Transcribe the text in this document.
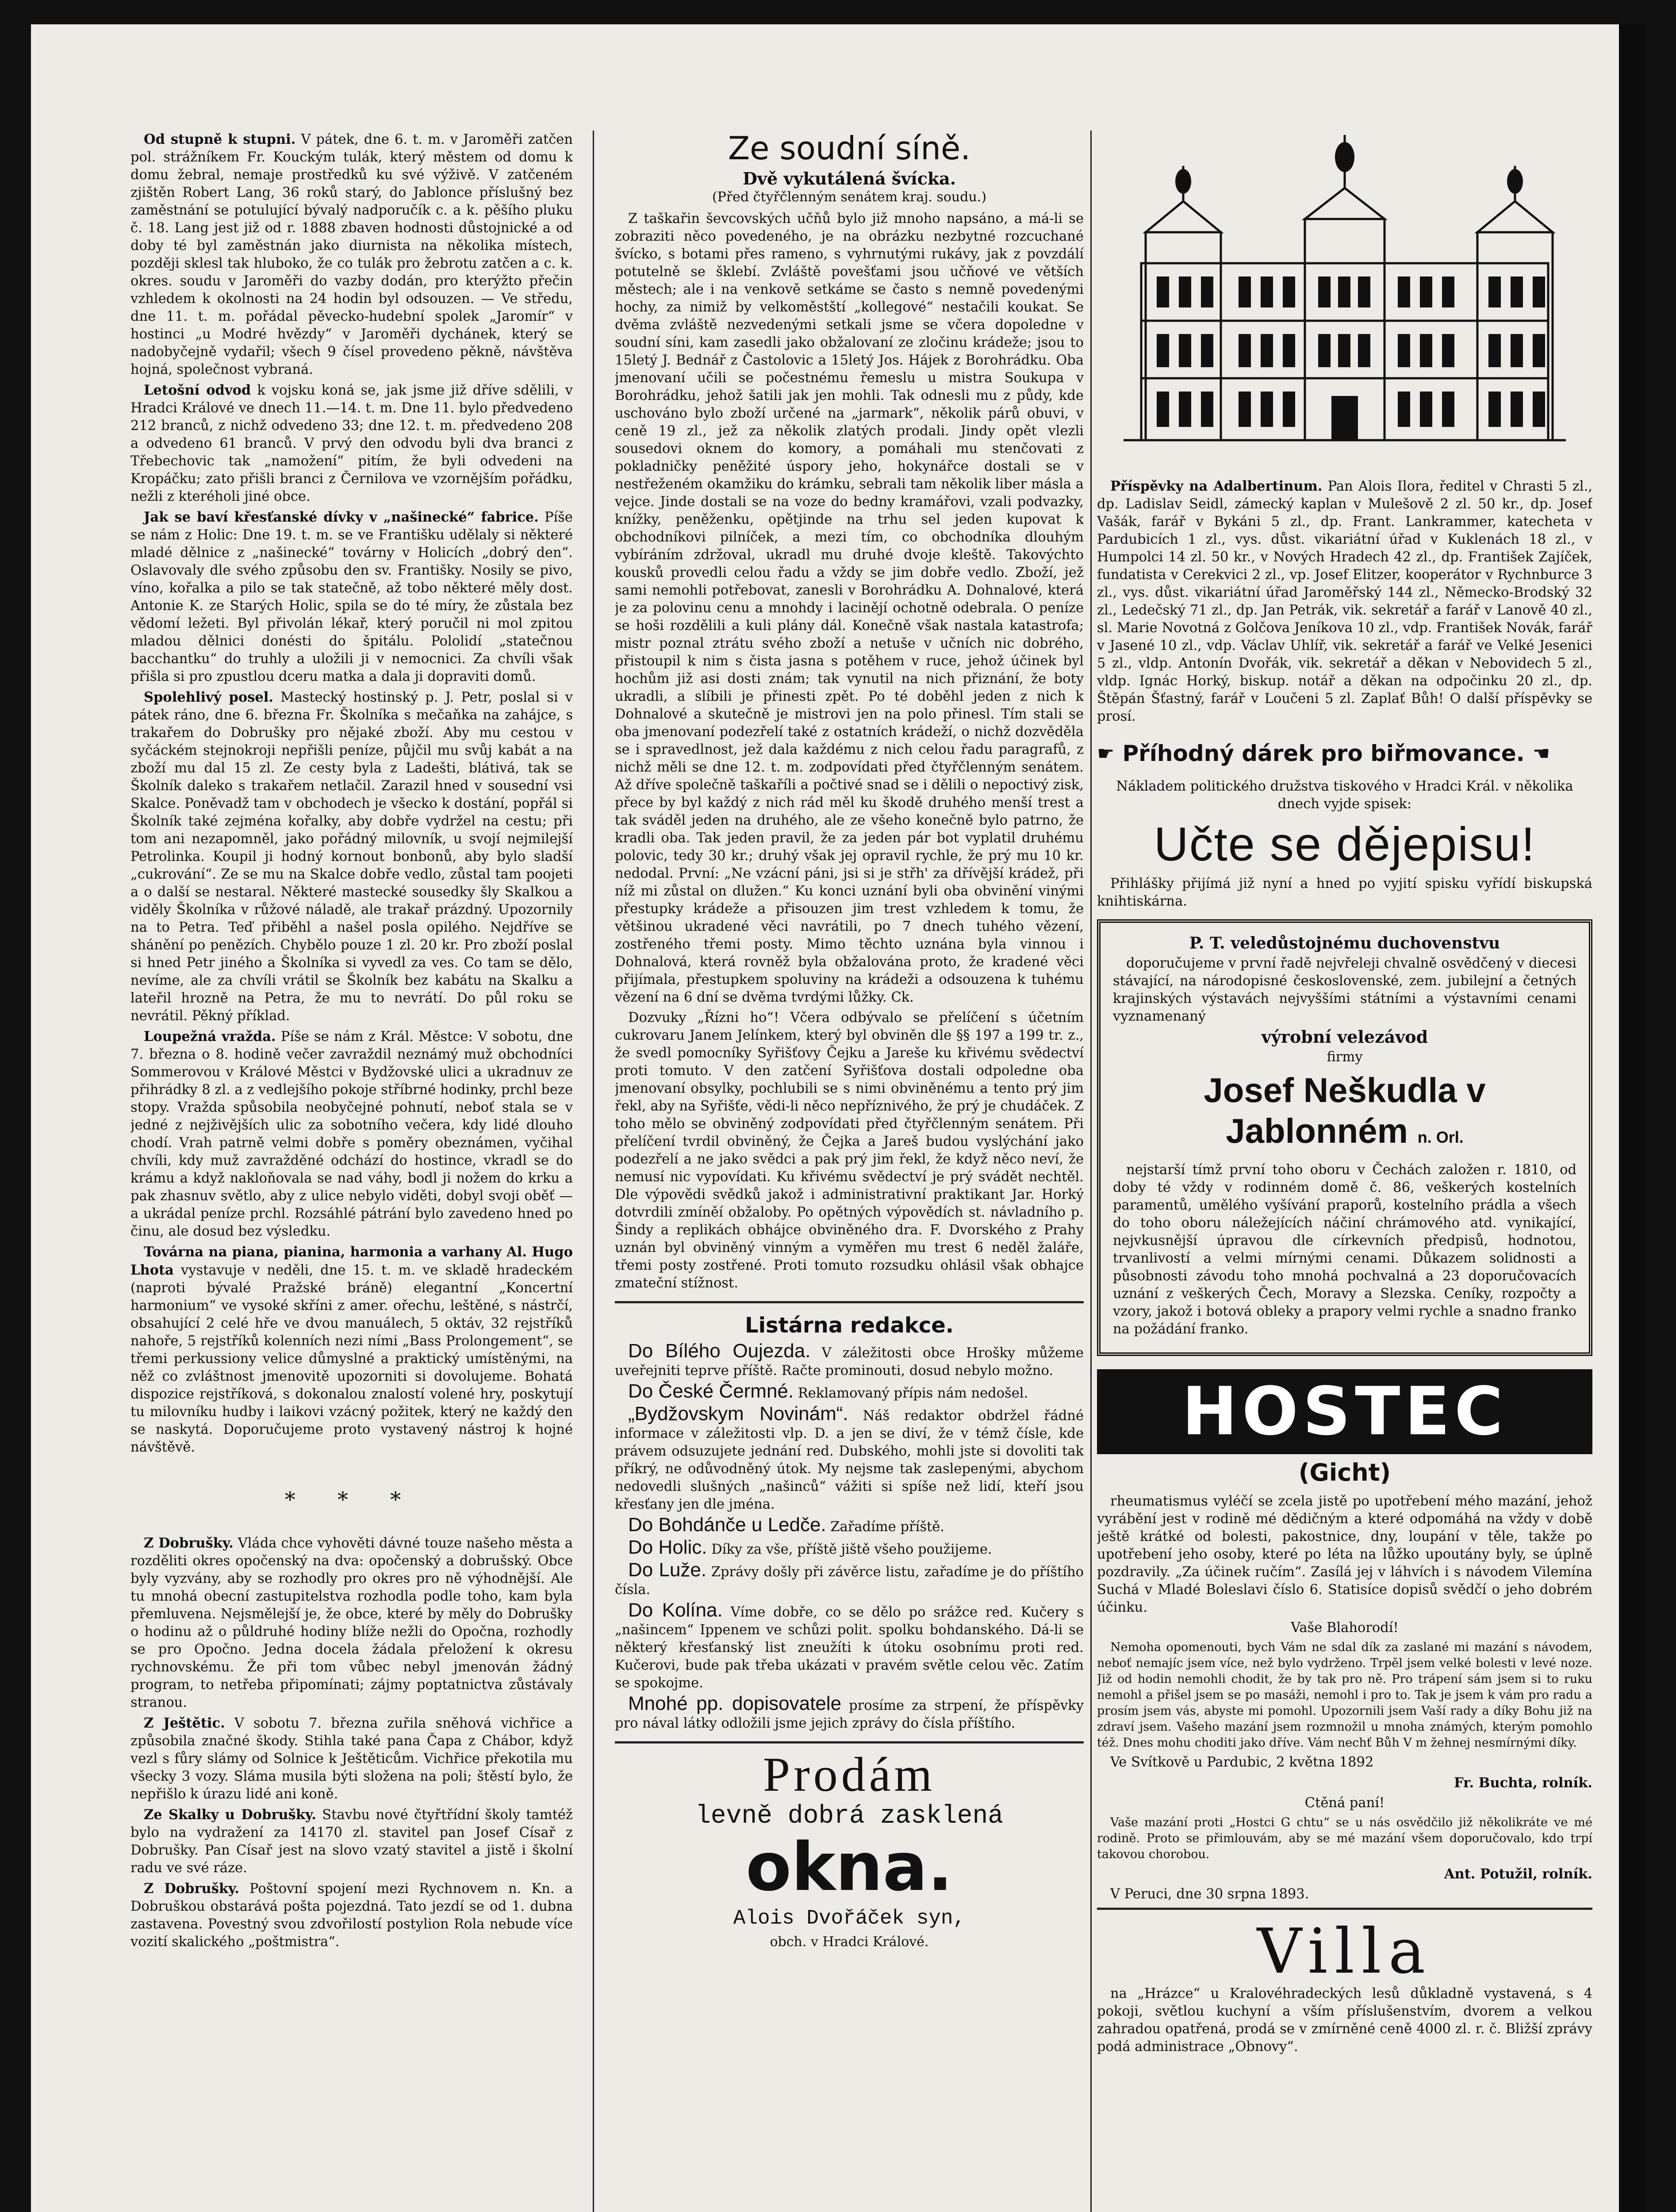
Od stupně k stupni. V pátek, dne 6. t. m. v Jaroměři zatčen pol. strážníkem Fr. Kouckým tulák, který městem od domu k domu žebral, nemaje prostředků ku své výživě. V zatčeném zjištěn Robert Lang, 36 roků starý, do Jablonce příslušný bez zaměstnání se potulující bývalý nadporučík c. a k. pěšího pluku č. 18. Lang jest již od r. 1888 zbaven hodnosti důstojnické a od doby té byl zaměstnán jako diurnista na několika místech, později sklesl tak hluboko, že co tulák pro žebrotu zatčen a c. k. okres. soudu v Jaroměři do vazby dodán, pro kterýžto přečin vzhledem k okolnosti na 24 hodin byl odsouzen. — Ve středu, dne 11. t. m. pořádal pěvecko-hudební spolek „Jaromír“ v hostinci „u Modré hvězdy“ v Jaroměři dychánek, který se nadobyčejně vydařil; všech 9 čísel provedeno pěkně, návštěva hojná, společnost vybraná.

Letošní odvod k vojsku koná se, jak jsme již dříve sdělili, v Hradci Králové ve dnech 11.—14. t. m. Dne 11. bylo předvedeno 212 branců, z nichž odvedeno 33; dne 12. t. m. předvedeno 208 a odvedeno 61 branců. V prvý den odvodu byli dva branci z Třebechovic tak „namožení“ pitím, že byli odvedeni na Kropáčku; zato přišli branci z Černilova ve vzornějším pořádku, nežli z kteréholi jiné obce.

Jak se baví křesťanské dívky v „našinecké“ fabrice. Píše se nám z Holic: Dne 19. t. m. se ve Františku udělaly si některé mladé dělnice z „našinecké“ továrny v Holicích „dobrý den“. Oslavovaly dle svého způsobu den sv. Františky. Nosily se pivo, víno, kořalka a pilo se tak statečně, až tobo některé měly dost. Antonie K. ze Starých Holic, spila se do té míry, že zůstala bez vědomí ležeti. Byl přivolán lékař, který poručil ni mol zpitou mladou dělnici donésti do špitálu. Pololidí „statečnou bacchantku“ do truhly a uložili ji v nemocnici. Za chvíli však přišla si pro zpustlou dceru matka a dala ji dopraviti domů.

Spolehlivý posel. Mastecký hostinský p. J. Petr, poslal si v pátek ráno, dne 6. března Fr. Školníka s mečaňka na zahájce, s trakařem do Dobrušky pro nějaké zboží. Aby mu cestou v syčáckém stejnokroji nepřišli peníze, půjčil mu svůj kabát a na zboží mu dal 15 zl. Ze cesty byla z Ladešti, blátivá, tak se Školník daleko s trakařem netlačil. Zarazil hned v sousední vsi Skalce. Poněvadž tam v obchodech je všecko k dostání, popřál si Školník také zejména kořalky, aby dobře vydržel na cestu; při tom ani nezapomněl, jako pořádný milovník, u svojí nejmilejší Petrolinka. Koupil ji hodný kornout bonbonů, aby bylo sladší „cukrování“. Ze se mu na Skalce dobře vedlo, zůstal tam poojeti a o další se nestaral. Některé mastecké sousedky šly Skalkou a viděly Školníka v růžové náladě, ale trakař prázdný. Upozornily na to Petra. Teď přiběhl a našel posla opilého. Nejdříve se shánění po penězích. Chybělo pouze 1 zl. 20 kr. Pro zboží poslal si hned Petr jiného a Školníka si vyvedl za ves. Co tam se dělo, nevíme, ale za chvíli vrátil se Školník bez kabátu na Skalku a lateřil hrozně na Petra, že mu to nevrátí. Do půl roku se nevrátil. Pěkný příklad.

Loupežná vražda. Píše se nám z Král. Městce: V sobotu, dne 7. března o 8. hodině večer zavraždil neznámý muž obchodníci Sommerovou v Králové Městci v Bydžovské ulici a ukradnuv ze přihrádky 8 zl. a z vedlejšího pokoje stříbrné hodinky, prchl beze stopy. Vražda spůsobila neobyčejné pohnutí, neboť stala se v jedné z nejživějších ulic za sobotního večera, kdy lidé dlouho chodí. Vrah patrně velmi dobře s poměry obeznámen, vyčihal chvíli, kdy muž zavražděné odchází do hostince, vkradl se do krámu a když nakloňovala se nad váhy, bodl ji nožem do krku a pak zhasnuv světlo, aby z ulice nebylo viděti, dobyl svoji oběť — a ukrádal peníze prchl. Rozsáhlé pátrání bylo zavedeno hned po činu, ale dosud bez výsledku.

Továrna na piana, pianina, harmonia a varhany Al. Hugo Lhota vystavuje v neděli, dne 15. t. m. ve skladě hradeckém (naproti bývalé Pražské bráně) elegantní „Koncertní harmonium“ ve vysoké skříni z amer. ořechu, leštěné, s nástrčí, obsahující 2 celé hře ve dvou manuálech, 5 oktáv, 32 rejstříků nahoře, 5 rejstříků kolenních nezi ními „Bass Prolongement“, se třemi perkussiony velice důmyslné a praktický umístěnými, na něž co zvláštnost jmenovitě upozorniti si dovolujeme. Bohatá dispozice rejstříková, s dokonalou znalostí volené hry, poskytují tu milovníku hudby i laikovi vzácný požitek, který ne každý den se naskytá. Doporučujeme proto vystavený nástroj k hojné návštěvě.

* * *

Z Dobrušky. Vláda chce vyhověti dávné touze našeho města a rozděliti okres opočenský na dva: opočenský a dobrušský. Obce byly vyzvány, aby se rozhodly pro okres pro ně výhodnější. Ale tu mnohá obecní zastupitelstva rozhodla podle toho, kam byla přemluvena. Nejsmělejší je, že obce, které by měly do Dobrušky o hodinu až o půldruhé hodiny blíže nežli do Opočna, rozhodly se pro Opočno. Jedna docela žádala přeložení k okresu rychnovskému. Že při tom vůbec nebyl jmenován žádný program, to netřeba připomínati; zájmy poptatnictva zůstávaly stranou.

Z Ještětic. V sobotu 7. března zuřila sněhová vichřice a způsobila značné škody. Stihla také pana Čapa z Chábor, když vezl s fůry slámy od Solnice k Ještěticům. Vichřice překotila mu všecky 3 vozy. Sláma musila býti složena na poli; štěstí bylo, že nepřišlo k úrazu lidé ani koně.

Ze Skalky u Dobrušky. Stavbu nové čtyřtřídní školy tamtéž bylo na vydražení za 14170 zl. stavitel pan Josef Císař z Dobrušky. Pan Císař jest na slovo vzatý stavitel a jistě i školní radu ve své ráze.

Z Dobrušky. Poštovní spojení mezi Rychnovem n. Kn. a Dobruškou obstarává pošta pojezdná. Tato jezdí se od 1. dubna zastavena. Povestný svou zdvořilostí postylion Rola nebude více vozití skalického „poštmistra“.

Ze soudní síně.
Dvě vykutálená švícka.
(Před čtyřčlenným senátem kraj. soudu.)

Z taškařin ševcovských učňů bylo již mnoho napsáno, a má-li se zobraziti něco povedeného, je na obrázku nezbytné rozcuchané švícko, s botami přes rameno, s vyhrnutými rukávy, jak z povzdálí potutelně se šklebí. Zvláště povešťami jsou učňové ve větších městech; ale i na venkově setkáme se často s nemně povedenými hochy, za nimiž by velkoměstští „kollegové“ nestačili koukat. Se dvěma zvláště nezvedenými setkali jsme se včera dopoledne v soudní síni, kam zasedli jako obžalovaní ze zločinu krádeže; jsou to 15letý J. Bednář z Častolovic a 15letý Jos. Hájek z Borohrádku. Oba jmenovaní učili se počestnému řemeslu u mistra Soukupa v Borohrádku, jehož šatili jak jen mohli. Tak odnesli mu z půdy, kde uschováno bylo zboží určené na „jarmark“, několik párů obuvi, v ceně 19 zl., jež za několik zlatých prodali. Jindy opět vlezli sousedovi oknem do komory, a pomáhali mu stenčovati z pokladničky peněžité úspory jeho, hokynářce dostali se v nestřeženém okamžiku do krámku, sebrali tam několik liber másla a vejce. Jinde dostali se na voze do bedny kramářovi, vzali podvazky, knížky, peněženku, opětjinde na trhu sel jeden kupovat k obchodníkovi pilníček, a mezi tím, co obchodníka dlouhým vybíráním zdržoval, ukradl mu druhé dvoje kleště. Takovýchto kousků provedli celou řadu a vždy se jim dobře vedlo. Zboží, jež sami nemohli potřebovat, zanesli v Borohrádku A. Dohnalové, která je za polovinu cenu a mnohdy i lacinějí ochotně odebrala. O peníze se hoši rozdělili a kuli plány dál. Konečně však nastala katastrofa; mistr poznal ztrátu svého zboží a netuše v učních nic dobrého, přistoupil k nim s čista jasna s potěhem v ruce, jehož účinek byl hochům již asi dosti znám; tak vynutil na nich přiznání, že boty ukradli, a slíbili je přinesti zpět. Po té doběhl jeden z nich k Dohnalové a skutečně je mistrovi jen na polo přinesl. Tím stali se oba jmenovaní podezřelí také z ostatních krádeží, o nichž dozvěděla se i spravedlnost, jež dala každému z nich celou řadu paragrafů, z nichž měli se dne 12. t. m. zodpovídati před čtyřčlenným senátem. Až dříve společně taškaříli a počtivé snad se i dělili o nepoctivý zisk, přece by byl každý z nich rád měl ku škodě druhého menší trest a tak sváděl jeden na druhého, ale ze všeho konečně bylo patrno, že kradli oba. Tak jeden pravil, že za jeden pár bot vyplatil druhému polovic, tedy 30 kr.; druhý však jej opravil rychle, že prý mu 10 kr. nedodal. První: „Ne vzácní páni, jsi si je střh' za dřívější krádež, při níž mi zůstal on dlužen.“ Ku konci uznání byli oba obvinění vinými přestupky krádeže a přisouzen jim trest vzhledem k tomu, že většinou ukradené věci navrátili, po 7 dnech tuhého vězení, zostřeného třemi posty. Mimo těchto uznána byla vinnou i Dohnalová, která rovněž byla obžalována proto, že kradené věci přijímala, přestupkem spoluviny na krádeži a odsouzena k tuhému vězení na 6 dní se dvěma tvrdými lůžky. Ck.

Dozvuky „Řízni ho“! Včera odbývalo se přelíčení s účetním cukrovaru Janem Jelínkem, který byl obviněn dle §§ 197 a 199 tr. z., že svedl pomocníky Syřišťovy Čejku a Jareše ku křivému svědectví proti tomuto. V den zatčení Syřišťova dostali odpoledne oba jmenovaní obsylky, pochlubili se s nimi obviněnému a tento prý jim řekl, aby na Syřišťe, vědi-li něco nepříznivého, že prý je chudáček. Z toho mělo se obviněný zodpovídati před čtyřčlenným senátem. Při přelíčení tvrdil obviněný, že Čejka a Jareš budou vyslýchání jako podezřelí a ne jako svědci a pak prý jim řekl, že když něco neví, že nemusí nic vypovídati. Ku křivému svědectví je prý svádět nechtěl. Dle výpovědi svědků jakož i administrativní praktikant Jar. Horký dotvrdili zmíněí obžaloby. Po opětných výpovědích st. návladního p. Šindy a replikách obhájce obviněného dra. F. Dvorského z Prahy uznán byl obviněný vinným a vyměřen mu trest 6 neděl žaláře, třemi posty zostřené. Proti tomuto rozsudku ohlásil však obhajce zmateční stížnost.

Listárna redakce.

Do Bílého Oujezda. V záležitosti obce Hrošky můžeme uveřejniti teprve příště. Račte prominouti, dosud nebylo možno.

Do České Čermné. Reklamovaný přípis nám nedošel.

„Bydžovskym Novinám“. Náš redaktor obdržel řádné informace v záležitosti vlp. D. a jen se diví, že v témž čísle, kde právem odsuzujete jednání red. Dubského, mohli jste si dovoliti tak příkrý, ne odůvodněný útok. My nejsme tak zaslepenými, abychom nedovedli slušných „našinců“ vážiti si spíše než lidí, kteří jsou křesťany jen dle jména.

Do Bohdánče u Ledče. Zařadíme příště.

Do Holic. Díky za vše, příště jiště všeho použijeme.

Do Luže. Zprávy došly při závěrce listu, zařadíme je do příštího čísla.

Do Kolína. Víme dobře, co se dělo po srážce red. Kučery s „našincem“ Ippenem ve schůzi polit. spolku bohdanského. Dá-li se některý křesťanský list zneužíti k útoku osobnímu proti red. Kučerovi, bude pak třeba ukázati v pravém světle celou věc. Zatím se spokojme.

Mnohé pp. dopisovatele prosíme za strpení, že příspěvky pro nával látky odložili jsme jejich zprávy do čísla příštího.

Prodám
levně dobrá zasklená
okna.
Alois Dvořáček syn,
obch. v Hradci Králové.

Příspěvky na Adalbertinum. Pan Alois Ilora, ředitel v Chrasti 5 zl., dp. Ladislav Seidl, zámecký kaplan v Mulešově 2 zl. 50 kr., dp. Josef Vašák, farář v Bykáni 5 zl., dp. Frant. Lankrammer, katecheta v Pardubicích 1 zl., vys. důst. vikariátní úřad v Kuklenách 18 zl., v Humpolci 14 zl. 50 kr., v Nových Hradech 42 zl., dp. František Zajíček, fundatista v Cerekvici 2 zl., vp. Josef Elitzer, kooperátor v Rychnburce 3 zl., vys. důst. vikariátní úřad Jaroměřský 144 zl., Německo-Brodský 32 zl., Ledečský 71 zl., dp. Jan Petrák, vik. sekretář a farář v Lanově 40 zl., sl. Marie Novotná z Golčova Jeníkova 10 zl., vdp. František Novák, farář v Jasené 10 zl., vdp. Václav Uhlíř, vik. sekretář a farář ve Velké Jesenici 5 zl., vldp. Antonín Dvořák, vik. sekretář a děkan v Nebovidech 5 zl., vldp. Ignác Horký, biskup. notář a děkan na odpočinku 20 zl., dp. Štěpán Šťastný, farář v Loučeni 5 zl. Zaplať Bůh! O další příspěvky se prosí.

☛ Příhodný dárek pro biřmovance. ☚

Nákladem politického družstva tiskového v Hradci Král. v několika dnech vyjde spisek:

Učte se dějepisu!

Přihlášky přijímá již nyní a hned po vyjití spisku vyřídí biskupská knihtiskárna.

P. T. veledůstojnému duchovenstvu

doporučujeme v první řadě nejvřeleji chvalně osvědčený v diecesi stávající, na národopisné československé, zem. jubilejní a četných krajinských výstavách nejvyššími státními a výstavními cenami vyznamenaný

výrobní velezávod

firmy

Josef Neškudla v Jablonném n. Orl.

nejstarší tímž první toho oboru v Čechách založen r. 1810, od doby té vždy v rodinném domě č. 86, veškerých kostelních paramentů, umělého vyšívání praporů, kostelního prádla a všech do toho oboru náležejících náčiní chrámového atd. vynikající, nejvkusnější úpravou dle církevních předpisů, hodnotou, trvanlivostí a velmi mírnými cenami. Důkazem solidnosti a působnosti závodu toho mnohá pochvalná a 23 doporučovacích uznání z veškerých Čech, Moravy a Slezska. Ceníky, rozpočty a vzory, jakož i botová obleky a prapory velmi rychle a snadno franko na požádání franko.

HOSTEC
(Gicht)

rheumatismus vyléčí se zcela jistě po upotřebení mého mazání, jehož vyrábění jest v rodině mé dědičným a které odpomáhá na vždy v době ještě krátké od bolesti, pakostnice, dny, loupání v těle, takže po upotřebení jeho osoby, které po léta na lůžko upoutány byly, se úplně pozdravily. „Za účinek ručím“. Zasílá jej v láhvích i s návodem Vilemína Suchá v Mladé Boleslavi číslo 6. Statisíce dopisů svědčí o jeho dobrém účinku.

Vaše Blahorodí!

Nemoha opomenouti, bych Vám ne sdal dík za zaslané mi mazání s návodem, neboť nemajíc jsem více, než bylo vydrženo. Trpěl jsem velké bolesti v levé noze. Již od hodin nemohli chodit, že by tak pro ně. Pro trápení sám jsem si to ruku nemohl a přišel jsem se po masáži, nemohl i pro to. Tak je jsem k vám pro radu a prosím jsem vás, abyste mi pomohl. Upozornili jsem Vaší rady a díky Bohu již na zdraví jsem. Vašeho mazání jsem rozmnožil u mnoha známých, kterým pomohlo též. Dnes mohu choditi jako dříve. Vám nechť Bůh V m žehnej nesmírnými díky.

Ve Svítkově u Pardubic, 2 května 1892

Fr. Buchta, rolník.

Ctěná paní!

Vaše mazání proti „Hostci G chtu“ se u nás osvědčilo již několikráte ve mé rodině. Proto se přimlouvám, aby se mé mazání všem doporučovalo, kdo trpí takovou chorobou.

Ant. Potužil, rolník.

V Peruci, dne 30 srpna 1893.

Villa

na „Hrázce“ u Kralovéhradeckých lesů důkladně vystavená, s 4 pokoji, světlou kuchyní a vším příslušenstvím, dvorem a velkou zahradou opatřená, prodá se v zmírněné ceně 4000 zl. r. č. Bližší zprávy podá administrace „Obnovy“.
